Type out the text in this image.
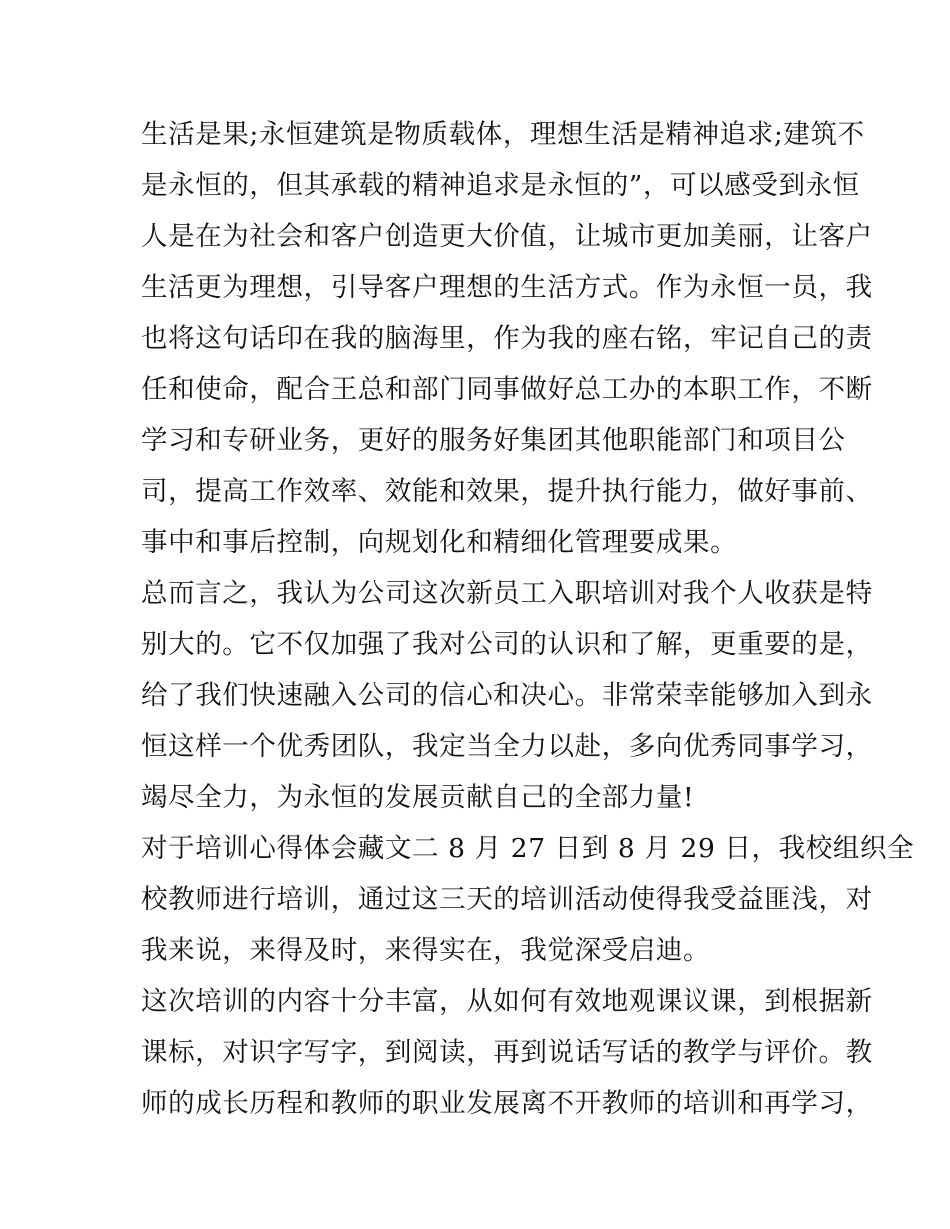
生活是果;永恒建筑是物质载体，理想生活是精神追求;建筑不
是永恒的，但其承载的精神追求是永恒的”，可以感受到永恒
人是在为社会和客户创造更大价值，让城市更加美丽，让客户
生活更为理想，引导客户理想的生活方式。作为永恒一员，我
也将这句话印在我的脑海里，作为我的座右铭，牢记自己的责
任和使命，配合王总和部门同事做好总工办的本职工作，不断
学习和专研业务，更好的服务好集团其他职能部门和项目公
司，提高工作效率、效能和效果，提升执行能力，做好事前、
事中和事后控制，向规划化和精细化管理要成果。
总而言之，我认为公司这次新员工入职培训对我个人收获是特
别大的。它不仅加强了我对公司的认识和了解，更重要的是，
给了我们快速融入公司的信心和决心。非常荣幸能够加入到永
恒这样一个优秀团队，我定当全力以赴，多向优秀同事学习，
竭尽全力，为永恒的发展贡献自己的全部力量!
对于培训心得体会藏文二 8 月 27 日到 8 月 29 日，我校组织全
校教师进行培训，通过这三天的培训活动使得我受益匪浅，对
我来说，来得及时，来得实在，我觉深受启迪。
这次培训的内容十分丰富，从如何有效地观课议课，到根据新
课标，对识字写字，到阅读，再到说话写话的教学与评价。教
师的成长历程和教师的职业发展离不开教师的培训和再学习，
